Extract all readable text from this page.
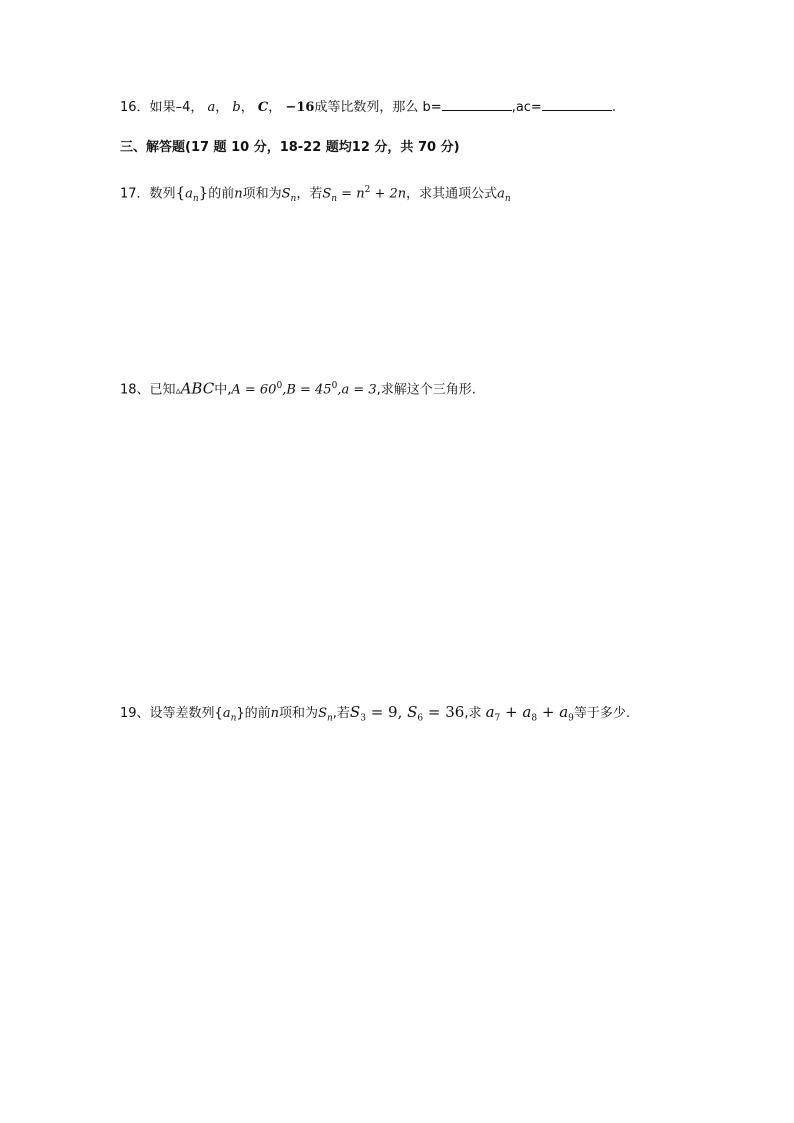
16．如果–4， a， b， C， −16成等比数列，那么 b=	,ac=	.
三、解答题(17 题 10 分，18-22 题均12 分，共 70 分)
17．数列$\{a_n\}$的前n项和为$S_n$，若$S_n = n^2 + 2n$，求其通项公式$a_n$
18、已知▵ABC中$,A = 60^0,B = 45^0,a = 3$,求解这个三角形.
19、设等差数列$\{a_n\}$的前n项和为$S_n$,若$S_3 = 9$, $S_6 = 36$,求 $a_7 + a_8 + a_9$等于多少.
